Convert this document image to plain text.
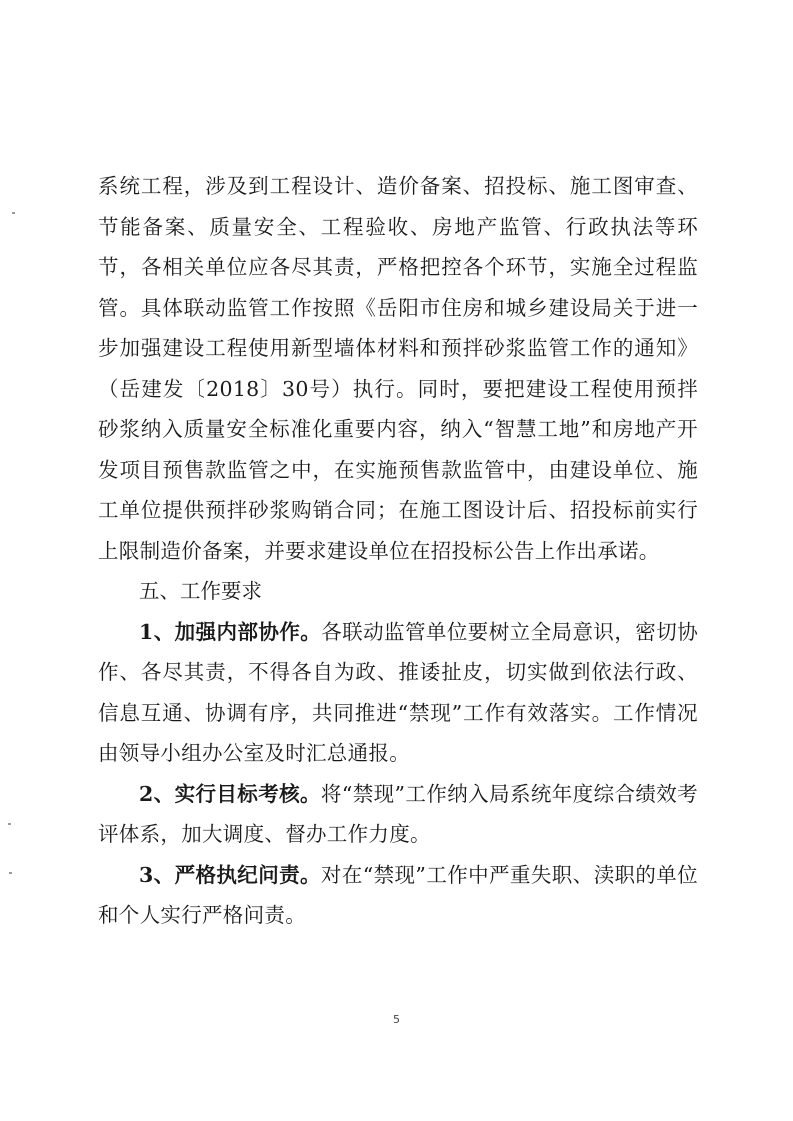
系统工程，涉及到工程设计、造价备案、招投标、施工图审查、节能备案、质量安全、工程验收、房地产监管、行政执法等环节，各相关单位应各尽其责，严格把控各个环节，实施全过程监管。具体联动监管工作按照《岳阳市住房和城乡建设局关于进一步加强建设工程使用新型墙体材料和预拌砂浆监管工作的通知》（岳建发〔2018〕30号）执行。同时，要把建设工程使用预拌砂浆纳入质量安全标准化重要内容，纳入“智慧工地”和房地产开发项目预售款监管之中，在实施预售款监管中，由建设单位、施工单位提供预拌砂浆购销合同；在施工图设计后、招投标前实行上限制造价备案，并要求建设单位在招投标公告上作出承诺。

五、工作要求

1、加强内部协作。各联动监管单位要树立全局意识，密切协作、各尽其责，不得各自为政、推诿扯皮，切实做到依法行政、信息互通、协调有序，共同推进“禁现”工作有效落实。工作情况由领导小组办公室及时汇总通报。

2、实行目标考核。将“禁现”工作纳入局系统年度综合绩效考评体系，加大调度、督办工作力度。

3、严格执纪问责。对在“禁现”工作中严重失职、渎职的单位和个人实行严格问责。

5
